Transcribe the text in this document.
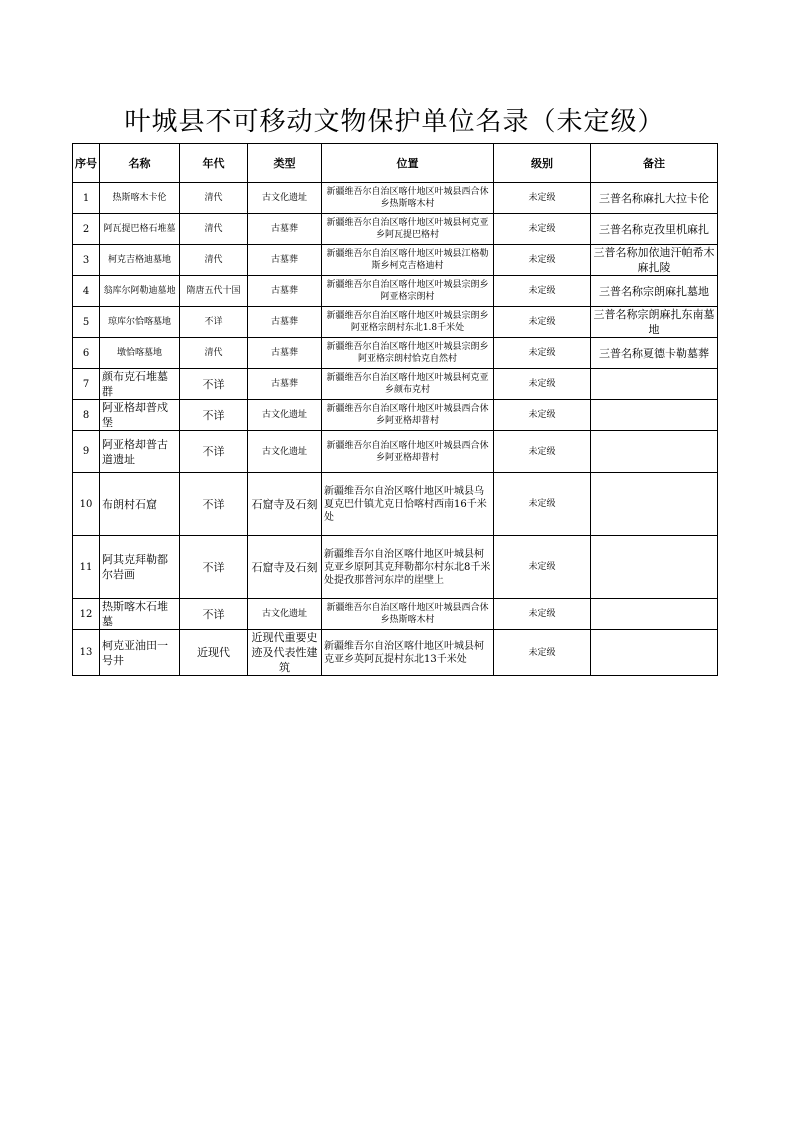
叶城县不可移动文物保护单位名录（未定级）
序号	名称	年代	类型	位置	级别	备注
1	热斯喀木卡伦	清代	古文化遗址	新疆维吾尔自治区喀什地区叶城县西合休乡热斯喀木村	未定级	三普名称麻扎大拉卡伦
2	阿瓦提巴格石堆墓	清代	古墓葬	新疆维吾尔自治区喀什地区叶城县柯克亚乡阿瓦提巴格村	未定级	三普名称克孜里机麻扎
3	柯克吉格迪墓地	清代	古墓葬	新疆维吾尔自治区喀什地区叶城县江格勒斯乡柯克吉格迪村	未定级	三普名称加依迪汗帕希木麻扎陵
4	翁库尔阿勒迪墓地	隋唐五代十国	古墓葬	新疆维吾尔自治区喀什地区叶城县宗朗乡阿亚格宗朗村	未定级	三普名称宗朗麻扎墓地
5	琼库尔恰喀墓地	不详	古墓葬	新疆维吾尔自治区喀什地区叶城县宗朗乡阿亚格宗朗村东北1.8千米处	未定级	三普名称宗朗麻扎东南墓地
6	墩恰喀墓地	清代	古墓葬	新疆维吾尔自治区喀什地区叶城县宗朗乡阿亚格宗朗村恰克自然村	未定级	三普名称夏德卡勒墓葬
7	颜布克石堆墓群	不详	古墓葬	新疆维吾尔自治区喀什地区叶城县柯克亚乡颜布克村	未定级	
8	阿亚格却普戍堡	不详	古文化遗址	新疆维吾尔自治区喀什地区叶城县西合休乡阿亚格却普村	未定级	
9	阿亚格却普古道遗址	不详	古文化遗址	新疆维吾尔自治区喀什地区叶城县西合休乡阿亚格却普村	未定级	
10	布朗村石窟	不详	石窟寺及石刻	新疆维吾尔自治区喀什地区叶城县乌夏克巴什镇尤克日恰喀村西南16千米处	未定级	
11	阿其克拜勒都尔岩画	不详	石窟寺及石刻	新疆维吾尔自治区喀什地区叶城县柯克亚乡原阿其克拜勒都尔村东北8千米处提孜那普河东岸的崖壁上	未定级	
12	热斯喀木石堆墓	不详	古文化遗址	新疆维吾尔自治区喀什地区叶城县西合休乡热斯喀木村	未定级	
13	柯克亚油田一号井	近现代	近现代重要史迹及代表性建筑	新疆维吾尔自治区喀什地区叶城县柯克亚乡英阿瓦提村东北13千米处	未定级	
